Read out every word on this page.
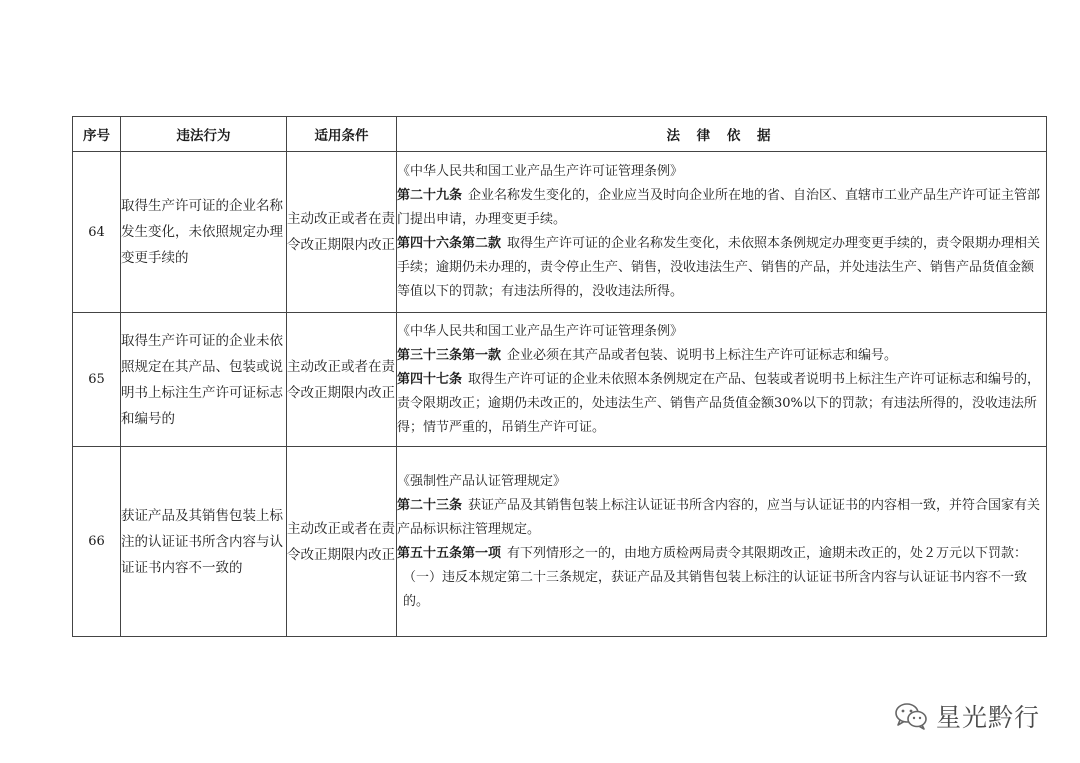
序号	违法行为	适用条件	法 律 依 据
64	取得生产许可证的企业名称发生变化，未依照规定办理变更手续的	主动改正或者在责令改正期限内改正	《中华人民共和国工业产品生产许可证管理条例》
第二十九条 企业名称发生变化的，企业应当及时向企业所在地的省、自治区、直辖市工业产品生产许可证主管部门提出申请，办理变更手续。
第四十六条第二款 取得生产许可证的企业名称发生变化，未依照本条例规定办理变更手续的，责令限期办理相关手续；逾期仍未办理的，责令停止生产、销售，没收违法生产、销售的产品，并处违法生产、销售产品货值金额等值以下的罚款；有违法所得的，没收违法所得。

65	取得生产许可证的企业未依照规定在其产品、包装或说明书上标注生产许可证标志和编号的	主动改正或者在责令改正期限内改正	《中华人民共和国工业产品生产许可证管理条例》
第三十三条第一款 企业必须在其产品或者包装、说明书上标注生产许可证标志和编号。
第四十七条 取得生产许可证的企业未依照本条例规定在产品、包装或者说明书上标注生产许可证标志和编号的，责令限期改正；逾期仍未改正的，处违法生产、销售产品货值金额30%以下的罚款；有违法所得的，没收违法所得；情节严重的，吊销生产许可证。

66	获证产品及其销售包装上标注的认证证书所含内容与认证证书内容不一致的	主动改正或者在责令改正期限内改正	《强制性产品认证管理规定》
第二十三条 获证产品及其销售包装上标注认证证书所含内容的，应当与认证证书的内容相一致，并符合国家有关产品标识标注管理规定。
第五十五条第一项 有下列情形之一的，由地方质检两局责令其限期改正，逾期未改正的，处２万元以下罚款：
（一）违反本规定第二十三条规定，获证产品及其销售包装上标注的认证证书所含内容与认证证书内容不一致的。
星光黔行
